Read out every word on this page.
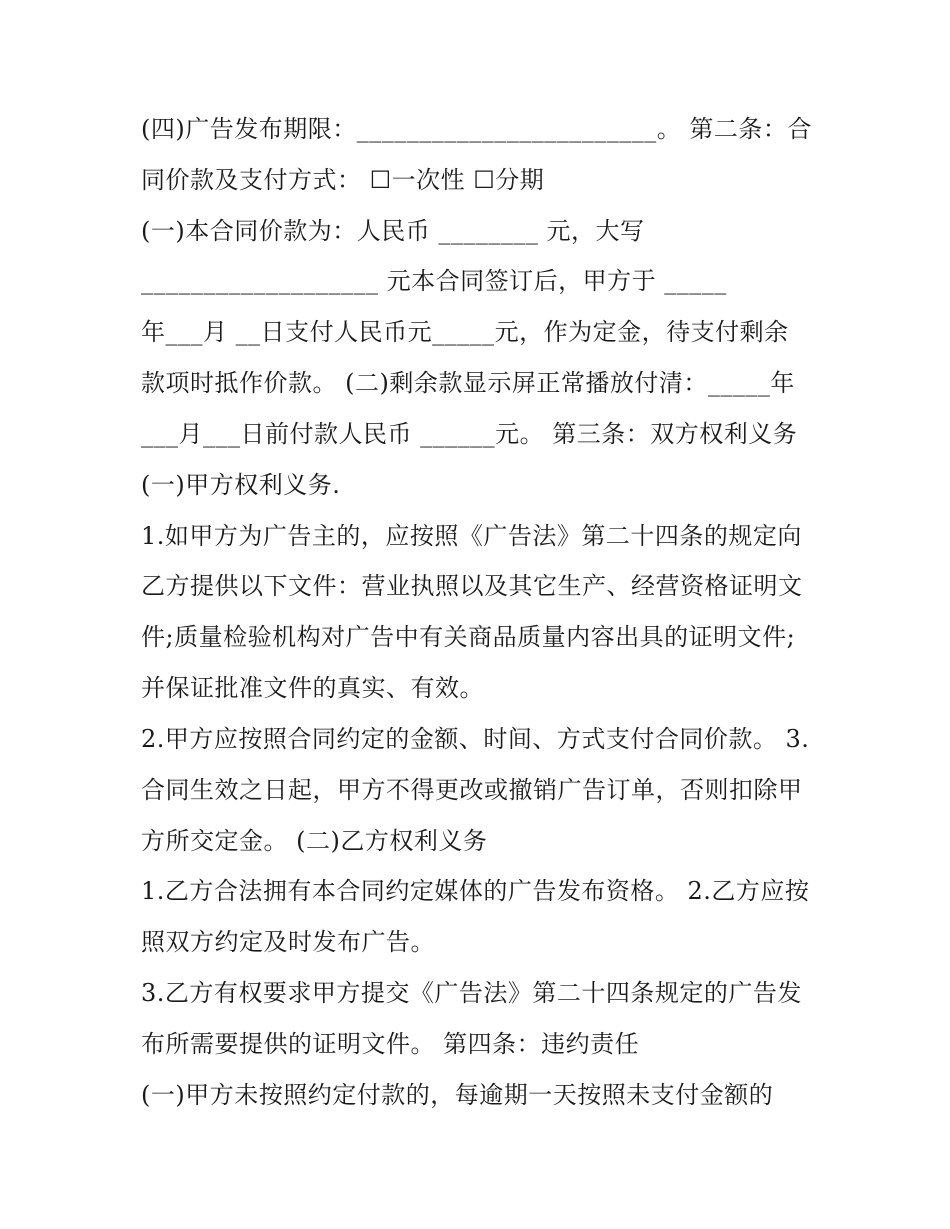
(四)广告发布期限：________________________。 第二条：合
同价款及支付方式： ☐一次性 ☐分期
(一)本合同价款为：人民币 ________ 元，大写
___________________ 元本合同签订后，甲方于 _____
年___月 __日支付人民币元_____元，作为定金，待支付剩余
款项时抵作价款。 (二)剩余款显示屏正常播放付清：_____年
___月___日前付款人民币 ______元。 第三条：双方权利义务
(一)甲方权利义务.
1.如甲方为广告主的，应按照《广告法》第二十四条的规定向
乙方提供以下文件：营业执照以及其它生产、经营资格证明文
件;质量检验机构对广告中有关商品质量内容出具的证明文件;
并保证批准文件的真实、有效。
2.甲方应按照合同约定的金额、时间、方式支付合同价款。 3.
合同生效之日起，甲方不得更改或撤销广告订单，否则扣除甲
方所交定金。 (二)乙方权利义务
1.乙方合法拥有本合同约定媒体的广告发布资格。 2.乙方应按
照双方约定及时发布广告。
3.乙方有权要求甲方提交《广告法》第二十四条规定的广告发
布所需要提供的证明文件。 第四条：违约责任
(一)甲方未按照约定付款的，每逾期一天按照未支付金额的
